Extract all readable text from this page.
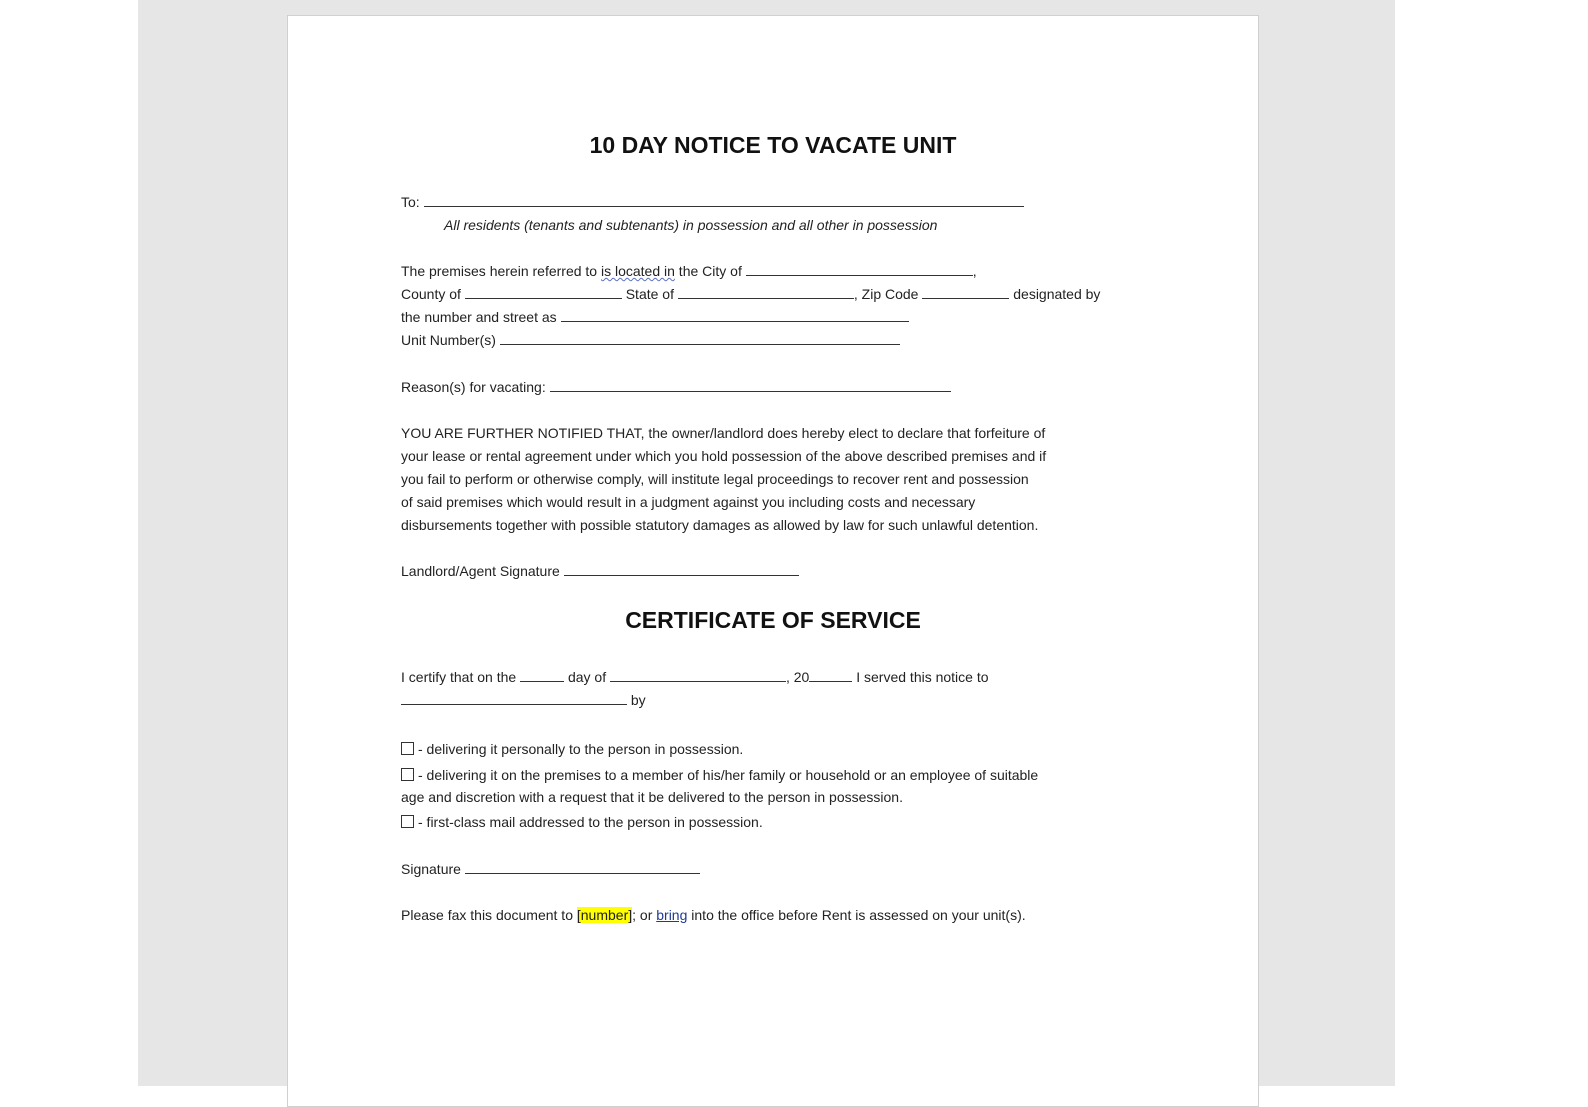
10 DAY NOTICE TO VACATE UNIT
To:
All residents (tenants and subtenants) in possession and all other in possession
The premises herein referred to is located in the City of	,
County of	State of	, Zip Code	designated by
the number and street as
Unit Number(s)
Reason(s) for vacating:
YOU ARE FURTHER NOTIFIED THAT, the owner/landlord does hereby elect to declare that forfeiture of
your lease or rental agreement under which you hold possession of the above described premises and if
you fail to perform or otherwise comply, will institute legal proceedings to recover rent and possession
of said premises which would result in a judgment against you including costs and necessary
disbursements together with possible statutory damages as allowed by law for such unlawful detention.
Landlord/Agent Signature
CERTIFICATE OF SERVICE
I certify that on the	day of	, 20	I served this notice to
by
- delivering it personally to the person in possession.
- delivering it on the premises to a member of his/her family or household or an employee of suitable
age and discretion with a request that it be delivered to the person in possession.
- first-class mail addressed to the person in possession.
Signature
Please fax this document to [number]; or bring into the office before Rent is assessed on your unit(s).
